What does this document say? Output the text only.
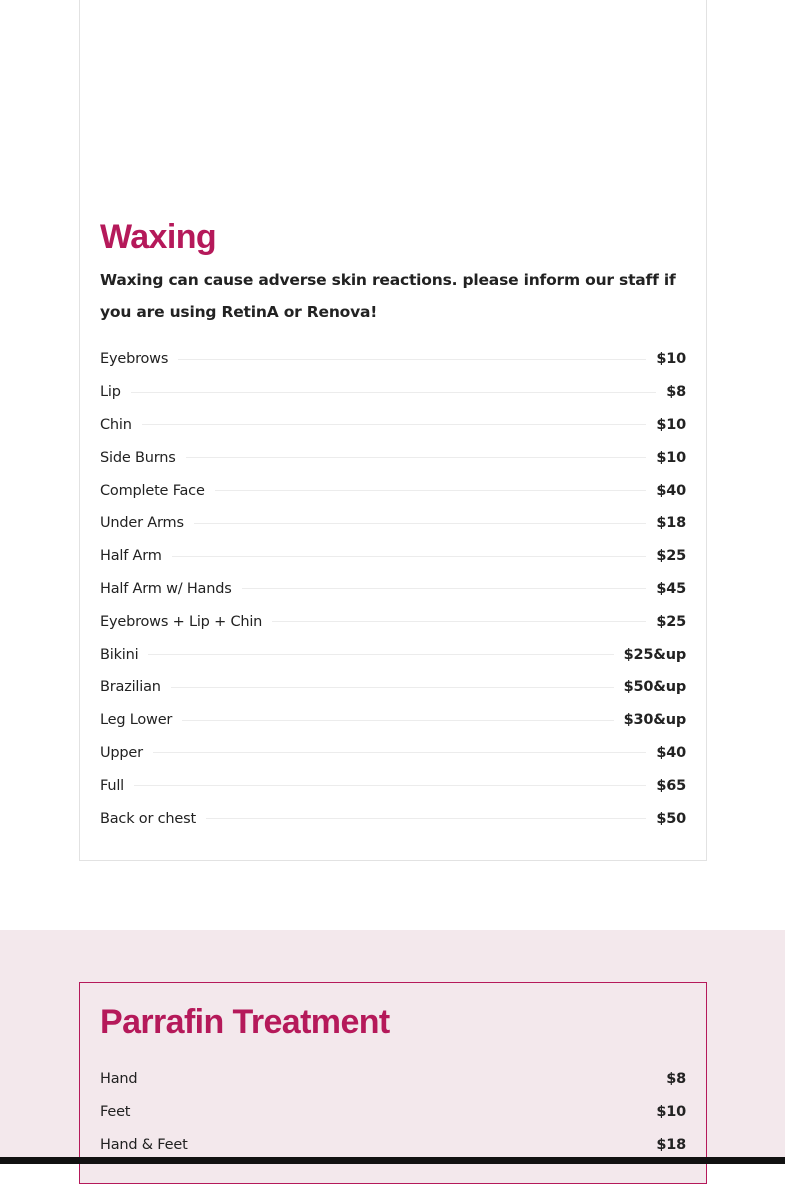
Waxing

Waxing can cause adverse skin reactions. please inform our staff if you are using RetinA or Renova!

Eyebrows	$10
Lip	$8
Chin	$10
Side Burns	$10
Complete Face	$40
Under Arms	$18
Half Arm	$25
Half Arm w/ Hands	$45
Eyebrows + Lip + Chin	$25
Bikini	$25&up
Brazilian	$50&up
Leg Lower	$30&up
Upper	$40
Full	$65
Back or chest	$50
Parrafin Treatment
Hand	$8
Feet	$10
Hand & Feet	$18
